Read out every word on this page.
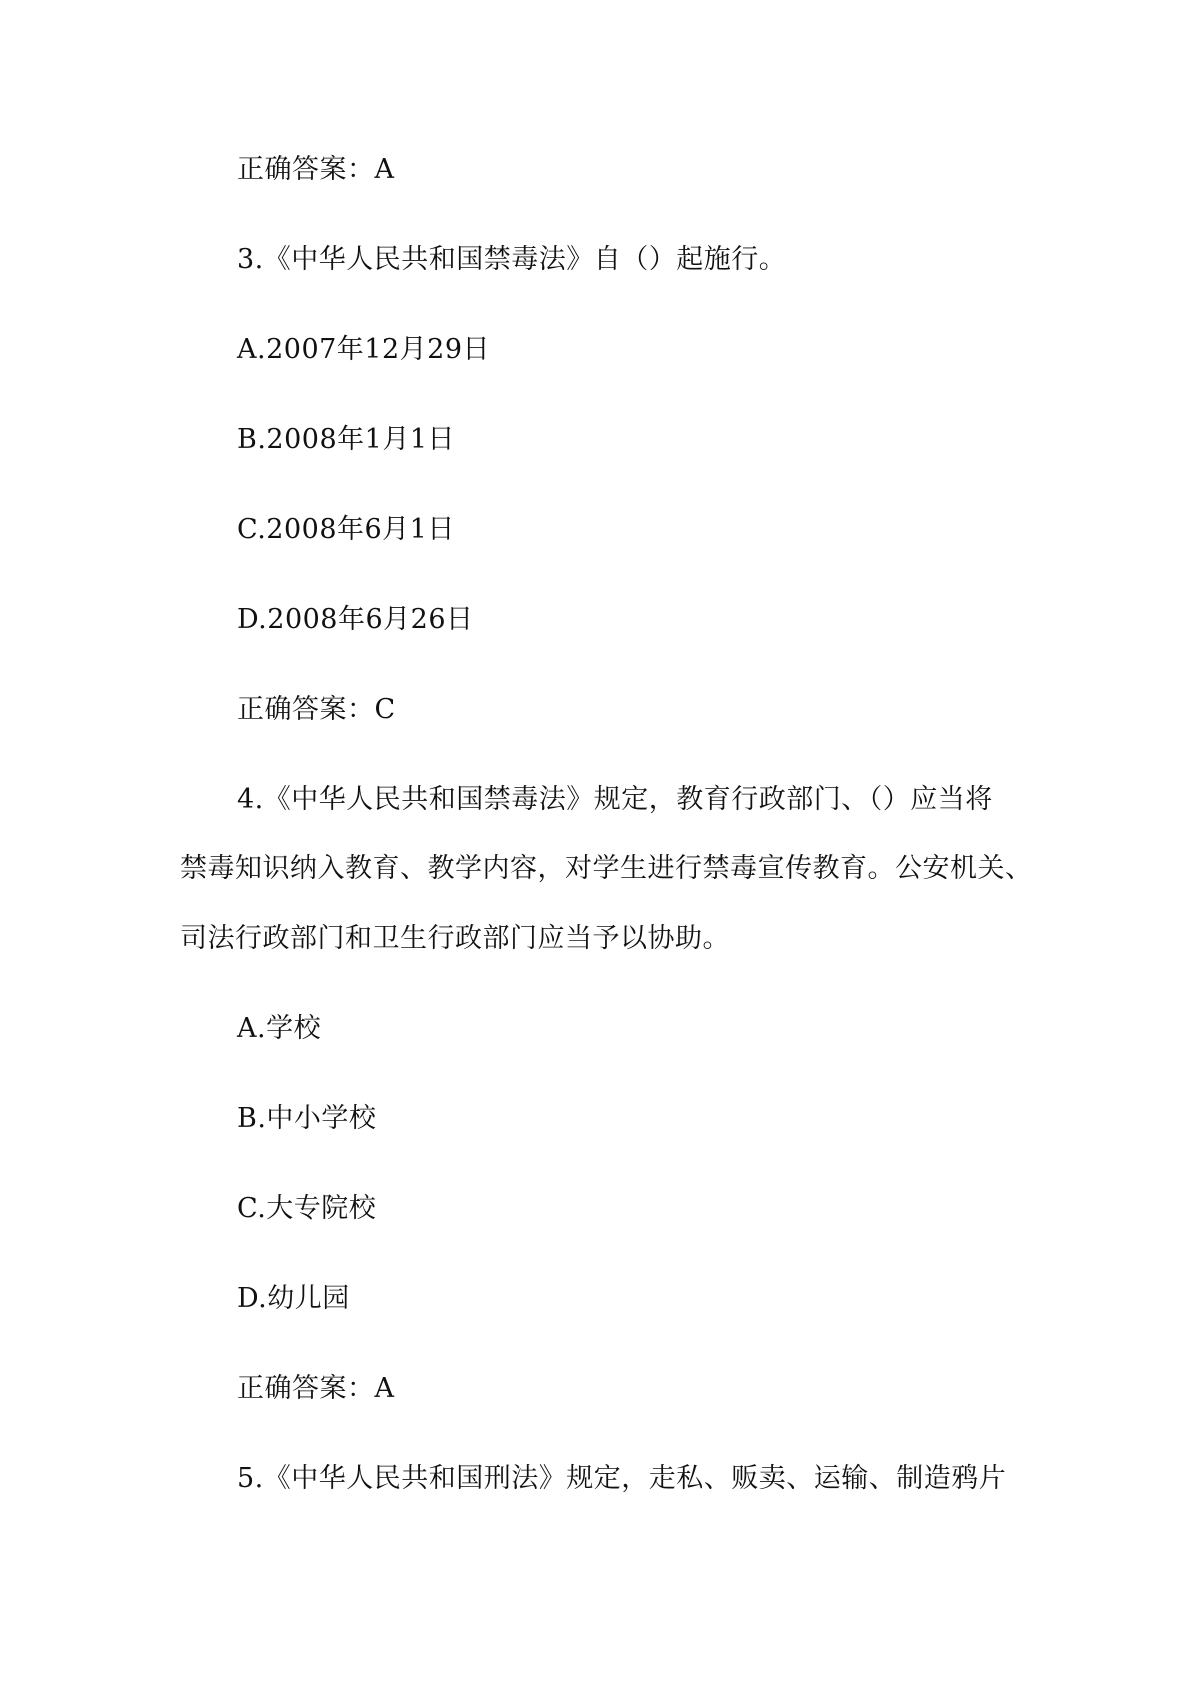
正确答案：A
3.《中华人民共和国禁毒法》自（）起施行。
A.2007年12月29日
B.2008年1月1日
C.2008年6月1日
D.2008年6月26日
正确答案：C
4.《中华人民共和国禁毒法》规定，教育行政部门、（）应当将
禁毒知识纳入教育、教学内容，对学生进行禁毒宣传教育。公安机关、
司法行政部门和卫生行政部门应当予以协助。
A.学校
B.中小学校
C.大专院校
D.幼儿园
正确答案：A
5.《中华人民共和国刑法》规定，走私、贩卖、运输、制造鸦片
